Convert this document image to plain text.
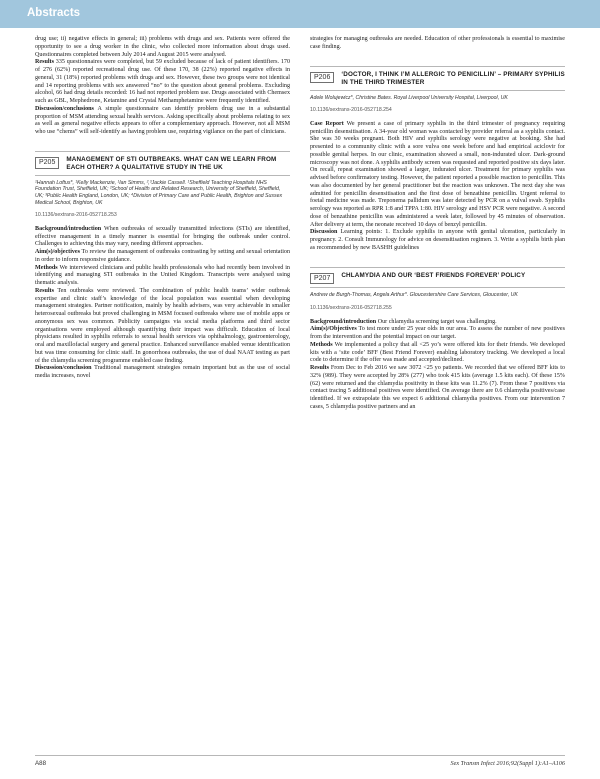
Abstracts

drug use; ii) negative effects in general; iii) problems with drugs and sex. Patients were offered the opportunity to see a drug worker in the clinic, who collected more information about drugs used. Questionnaires completed between July 2014 and August 2015 were analysed.

Results 335 questionnaires were completed, but 59 excluded because of lack of patient identifiers. 170 of 276 (62%) reported recreational drug use. Of these 170, 38 (22%) reported negative effects in general, 31 (18%) reported problems with drugs and sex. However, these two groups were not identical and 14 reporting problems with sex answered “no” to the question about general problems. Excluding alcohol, 66 had drug details recorded: 16 had not reported problem use. Drugs associated with Chemsex such as GBL, Mephedrone, Ketamine and Crystal Methamphetamine were frequently identified.

Discussion/conclusions A simple questionnaire can identify problem drug use in a substantial proportion of MSM attending sexual health services. Asking specifically about problems relating to sex as well as general negative effects appears to offer a complementary approach. However, not all MSM who use “chems” will self-identify as having problem use, requiring vigilance on the part of clinicians.

P205	MANAGEMENT OF STI OUTBREAKS. WHAT CAN WE LEARN FROM EACH OTHER? A QUALITATIVE STUDY IN THE UK
¹Hannah Loftus*, ¹Kelly Mackenzie, ¹Ian Simms, ²,³Jackie Cassell. ¹Sheffield Teaching Hospitals NHS Foundation Trust, Sheffield, UK; ²School of Health and Related Research, University of Sheffield, Sheffield, UK; ³Public Health England, London, UK; ⁴Division of Primary Care and Public Health, Brighton and Sussex Medical School, Brighton, UK
10.1136/sextrans-2016-052718.253

Background/introduction When outbreaks of sexually transmitted infections (STIs) are identified, effective management in a timely manner is essential for bringing the outbreak under control. Challenges to achieving this may vary, needing different approaches.

Aim(s)/objectives To review the management of outbreaks contrasting by setting and sexual orientation in order to inform responsive guidance.

Methods We interviewed clinicians and public health professionals who had recently been involved in identifying and managing STI outbreaks in the United Kingdom. Transcripts were analysed using thematic analysis.

Results Ten outbreaks were reviewed. The combination of public health teams’ wider outbreak expertise and clinic staff’s knowledge of the local population was essential when developing management strategies. Partner notification, mainly by health advisers, was very achievable in smaller heterosexual outbreaks but proved challenging in MSM focused outbreaks where use of mobile apps or anonymous sex was common. Publicity campaigns via social media platforms and third sector organisations were employed although quantifying their impact was difficult. Education of local physicians resulted in syphilis referrals to sexual health services via ophthalmology, gastroenterology, oral and maxillofacial surgery and general practice. Enhanced surveillance enabled venue identification but was time consuming for clinic staff. In gonorrhoea outbreaks, the use of dual NAAT testing as part of the chlamydia screening programme enabled case finding.

Discussion/conclusion Traditional management strategies remain important but as the use of social media increases, novel

strategies for managing outbreaks are needed. Education of other professionals is essential to maximise case finding.

P206	‘DOCTOR, I THINK I’M ALLERGIC TO PENICILLIN’ – PRIMARY SYPHILIS IN THE THIRD TRIMESTER
Adele Wolujewicz*, Christine Bates. Royal Liverpool University Hospital, Liverpool, UK
10.1136/sextrans-2016-052718.254

Case Report We present a case of primary syphilis in the third trimester of pregnancy requiring penicillin desensitisation. A 34-year old woman was contacted by provider referral as a syphilis contact. She was 30 weeks pregnant. Both HIV and syphilis serology were negative at booking. She had presented to a community clinic with a sore vulva one week before and had empirical aciclovir for possible genital herpes. In our clinic, examination showed a small, non-indurated ulcer. Dark-ground microscopy was not done. A syphilis antibody screen was requested and reported positive six days later. On recall, repeat examination showed a larger, indurated ulcer. Treatment for primary syphilis was advised before confirmatory testing. However, the patient reported a possible reaction to penicillin. This was also documented by her general practitioner but the reaction was unknown. The next day she was admitted for penicillin desensitisation and the first dose of benzathine penicillin. Urgent referral to foetal medicine was made. Treponema pallidum was later detected by PCR on a vulval swab. Syphilis serology was reported as RPR 1:8 and TPPA 1:80. HIV serology and HSV PCR were negative. A second dose of benzathine penicillin was administered a week later, followed by 45 minutes of observation. After delivery at term, the neonate received 10 days of benzyl penicillin.

Discussion Learning points: 1. Exclude syphilis in anyone with genital ulceration, particularly in pregnancy. 2. Consult Immunology for advice on desensitisation regimen. 3. Write a syphilis birth plan as recommended by new BASHH guidelines

P207	CHLAMYDIA AND OUR ‘BEST FRIENDS FOREVER’ POLICY
Andrew de Burgh-Thomas, Angela Arthur*. Gloucestershire Care Services, Gloucester, UK
10.1136/sextrans-2016-052718.255

Background/introduction Our chlamydia screening target was challenging.

Aim(s)/Objectives To test more under 25 year olds in our area. To assess the number of new positives from the intervention and the potential impact on our target.

Methods We implemented a policy that all <25 yo’s were offered kits for their friends. We developed kits with a ‘site code’ BFF (Best Friend Forever) enabling laboratory tracking. We developed a local code to determine if the offer was made and accepted/declined.

Results From Dec to Feb 2016 we saw 3072 <25 yo patients. We recorded that we offered BFF kits to 32% (989). They were accepted by 28% (277) who took 415 kits (average 1.5 kits each). Of these 15% (62) were returned and the chlamydia positivity in these kits was 11.2% (7). From these 7 positives via contact tracing 5 additional positives were identified. On average there are 0.6 chlamydia positives/case identified. If we extrapolate this we expect 6 additional chlamydia positives. From our intervention 7 cases, 5 chlamydia positive partners and an

A88	Sex Transm Infect 2016;92(Suppl 1):A1–A106
